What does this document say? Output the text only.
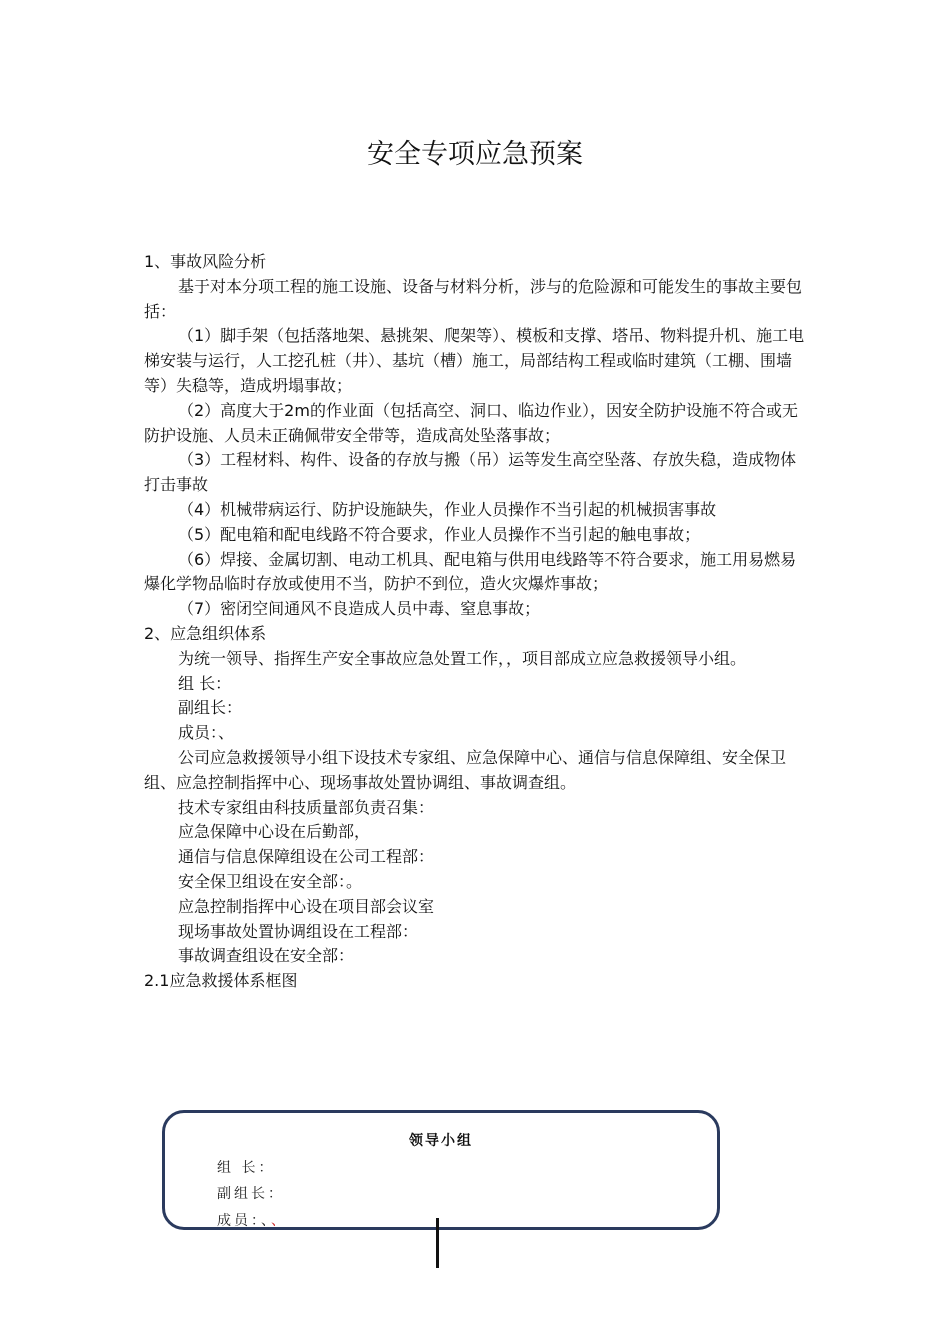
安全专项应急预案

1、事故风险分析

基于对本分项工程的施工设施、设备与材料分析，涉与的危险源和可能发生的事故主要包括：

（1）脚手架（包括落地架、悬挑架、爬架等）、模板和支撑、塔吊、物料提升机、施工电梯安装与运行，人工挖孔桩（井）、基坑（槽）施工，局部结构工程或临时建筑（工棚、围墙等）失稳等，造成坍塌事故；

（2）高度大于2m的作业面（包括高空、洞口、临边作业），因安全防护设施不符合或无防护设施、人员未正确佩带安全带等，造成高处坠落事故；

（3）工程材料、构件、设备的存放与搬（吊）运等发生高空坠落、存放失稳，造成物体打击事故

（4）机械带病运行、防护设施缺失，作业人员操作不当引起的机械损害事故

（5）配电箱和配电线路不符合要求，作业人员操作不当引起的触电事故；

（6）焊接、金属切割、电动工机具、配电箱与供用电线路等不符合要求，施工用易燃易爆化学物品临时存放或使用不当，防护不到位，造火灾爆炸事故；

（7）密闭空间通风不良造成人员中毒、窒息事故；

2、应急组织体系

为统一领导、指挥生产安全事故应急处置工作，，项目部成立应急救援领导小组。

组 长：

副组长：

成员：、

公司应急救援领导小组下设技术专家组、应急保障中心、通信与信息保障组、安全保卫组、应急控制指挥中心、现场事故处置协调组、事故调查组。

技术专家组由科技质量部负责召集：

应急保障中心设在后勤部，

通信与信息保障组设在公司工程部：

安全保卫组设在安全部：。

应急控制指挥中心设在项目部会议室

现场事故处置协调组设在工程部：

事故调查组设在安全部：

2.1应急救援体系框图

领导小组
组 长：
副组长：
成员：、、
